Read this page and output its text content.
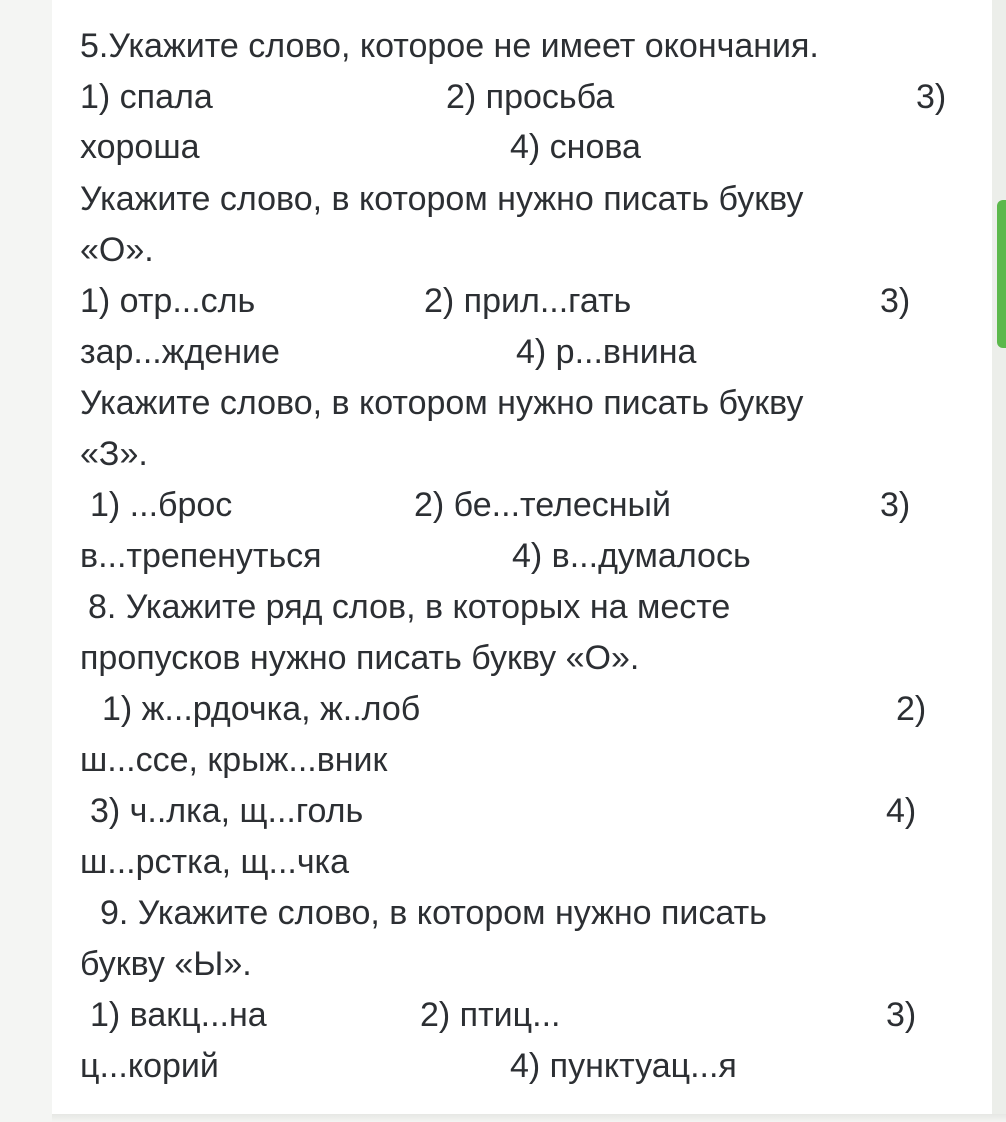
5.Укажите слово, которое не имеет окончания.
1) спала	2) просьба	3)
хороша	4) снова
Укажите слово, в котором нужно писать букву
«О».
1) отр...сль	2) прил...гать	3)
зар...ждение	4) р...внина
Укажите слово, в котором нужно писать букву
«З».
1) ...брос	2) бе...телесный	3)
в...трепенуться	4) в...думалось
8. Укажите ряд слов, в которых на месте
пропусков нужно писать букву «О».
1) ж...рдочка, ж..лоб	2)
ш...ссе, крыж...вник
3) ч..лка, щ...голь	4)
ш...рстка, щ...чка
9. Укажите слово, в котором нужно писать
букву «Ы».
1) вакц...на	2) птиц...	3)
ц...корий	4) пунктуац...я
